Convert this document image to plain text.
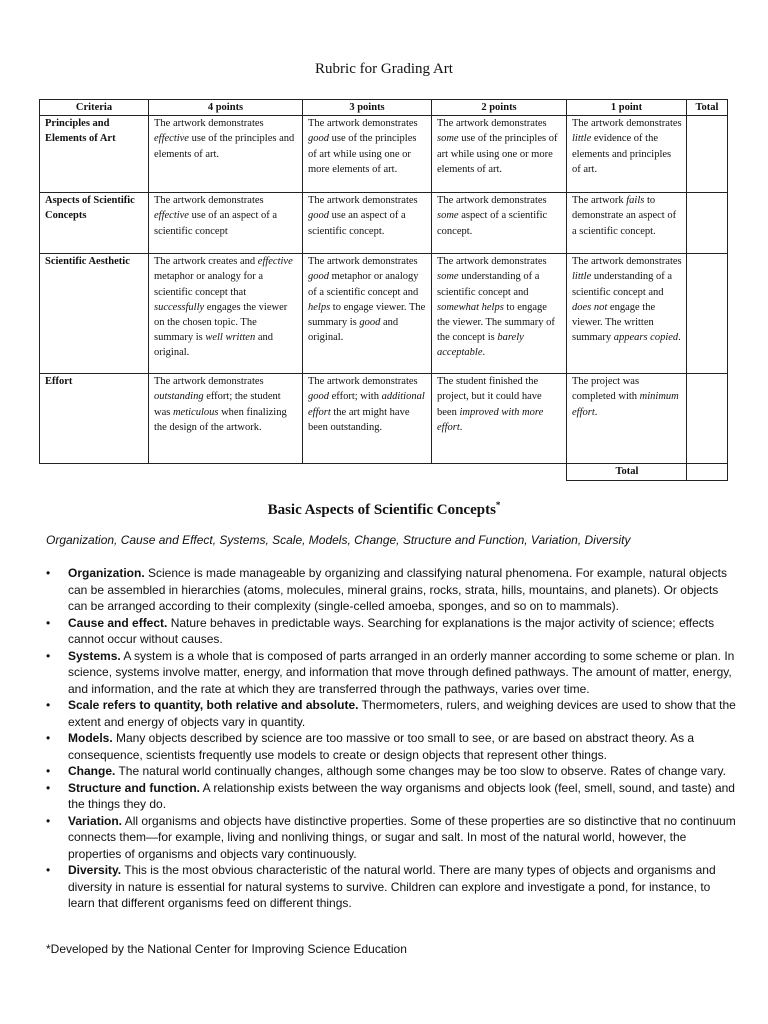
Rubric for Grading Art
Criteria	4 points	3 points	2 points	1 point	Total
Principles and Elements of Art	The artwork demonstrates effective use of the principles and elements of art.	The artwork demonstrates good use of the principles of art while using one or more elements of art.	The artwork demonstrates some use of the principles of art while using one or more elements of art.	The artwork demonstrates little evidence of the elements and principles of art.	
Aspects of Scientific Concepts	The artwork demonstrates effective use of an aspect of a scientific concept	The artwork demonstrates good use an aspect of a scientific concept.	The artwork demonstrates some aspect of a scientific concept.	The artwork fails to demonstrate an aspect of a scientific concept.	
Scientific Aesthetic	The artwork creates and effective metaphor or analogy for a scientific concept that successfully engages the viewer on the chosen topic. The summary is well written and original.	The artwork demonstrates good metaphor or analogy of a scientific concept and helps to engage viewer. The summary is good and original.	The artwork demonstrates some understanding of a scientific concept and somewhat helps to engage the viewer. The summary of the concept is barely acceptable.	The artwork demonstrates little understanding of a scientific concept and does not engage the viewer. The written summary appears copied.	
Effort	The artwork demonstrates outstanding effort; the student was meticulous when finalizing the design of the artwork.	The artwork demonstrates good effort; with additional effort the art might have been outstanding.	The student finished the project, but it could have been improved with more effort.	The project was completed with minimum effort.	
				Total	
Basic Aspects of Scientific Concepts*
Organization, Cause and Effect, Systems, Scale, Models, Change, Structure and Function, Variation, Diversity
• Organization. Science is made manageable by organizing and classifying natural phenomena. For example, natural objects can be assembled in hierarchies (atoms, molecules, mineral grains, rocks, strata, hills, mountains, and planets). Or objects can be arranged according to their complexity (single-celled amoeba, sponges, and so on to mammals).
• Cause and effect. Nature behaves in predictable ways. Searching for explanations is the major activity of science; effects cannot occur without causes.
• Systems. A system is a whole that is composed of parts arranged in an orderly manner according to some scheme or plan. In science, systems involve matter, energy, and information that move through defined pathways. The amount of matter, energy, and information, and the rate at which they are transferred through the pathways, varies over time.
• Scale refers to quantity, both relative and absolute. Thermometers, rulers, and weighing devices are used to show that the extent and energy of objects vary in quantity.
• Models. Many objects described by science are too massive or too small to see, or are based on abstract theory. As a consequence, scientists frequently use models to create or design objects that represent other things.
• Change. The natural world continually changes, although some changes may be too slow to observe. Rates of change vary.
• Structure and function. A relationship exists between the way organisms and objects look (feel, smell, sound, and taste) and the things they do.
• Variation. All organisms and objects have distinctive properties. Some of these properties are so distinctive that no continuum connects them—for example, living and nonliving things, or sugar and salt. In most of the natural world, however, the properties of organisms and objects vary continuously.
• Diversity. This is the most obvious characteristic of the natural world. There are many types of objects and organisms and diversity in nature is essential for natural systems to survive. Children can explore and investigate a pond, for instance, to learn that different organisms feed on different things.
*Developed by the National Center for Improving Science Education
